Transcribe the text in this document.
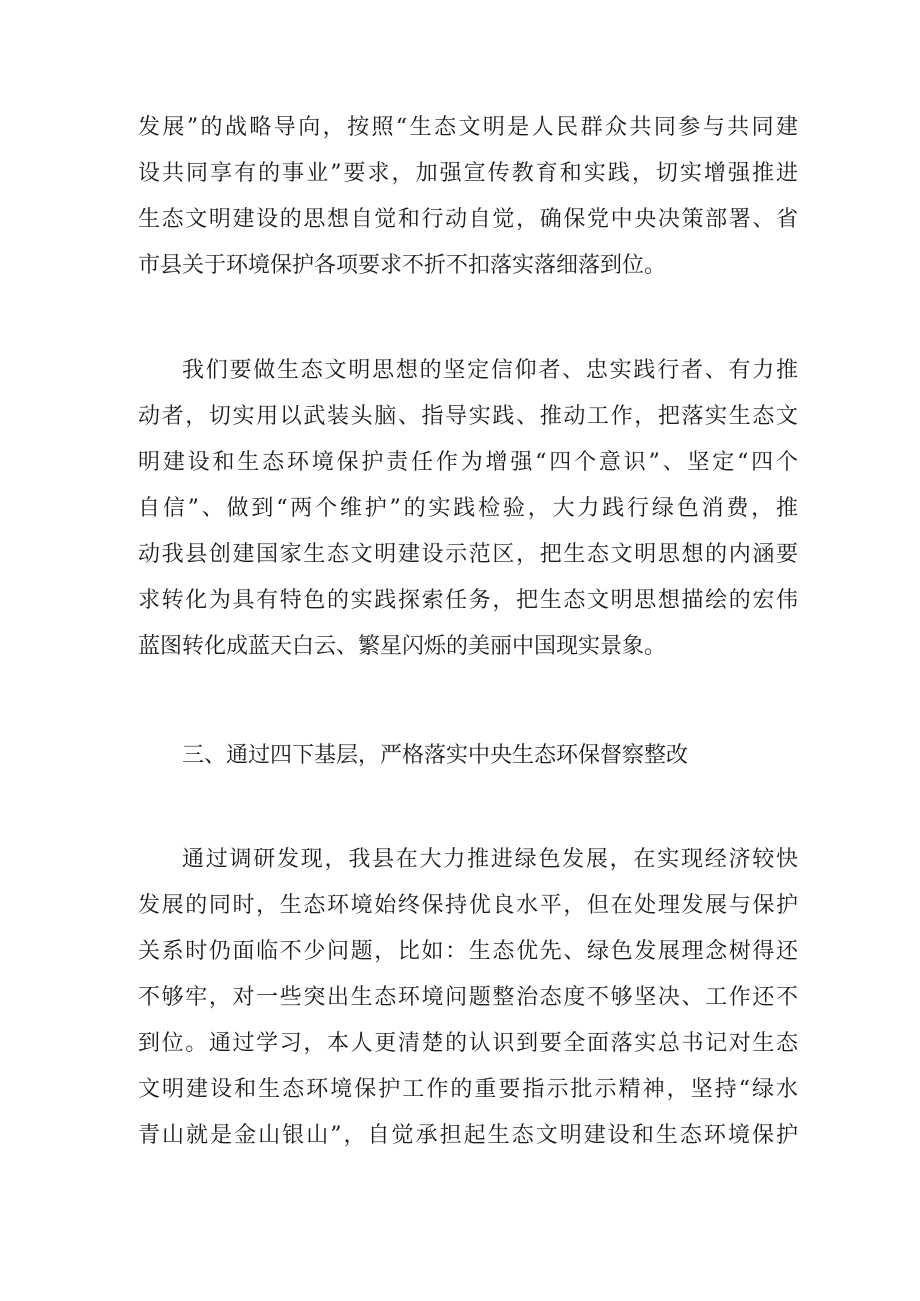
发展”的战略导向，按照“生态文明是人民群众共同参与共同建
设共同享有的事业”要求，加强宣传教育和实践，切实增强推进
生态文明建设的思想自觉和行动自觉，确保党中央决策部署、省
市县关于环境保护各项要求不折不扣落实落细落到位。

我们要做生态文明思想的坚定信仰者、忠实践行者、有力推
动者，切实用以武装头脑、指导实践、推动工作，把落实生态文
明建设和生态环境保护责任作为增强“四个意识”、坚定“四个
自信”、做到“两个维护”的实践检验，大力践行绿色消费，推
动我县创建国家生态文明建设示范区，把生态文明思想的内涵要
求转化为具有特色的实践探索任务，把生态文明思想描绘的宏伟
蓝图转化成蓝天白云、繁星闪烁的美丽中国现实景象。

三、通过四下基层，严格落实中央生态环保督察整改

通过调研发现，我县在大力推进绿色发展，在实现经济较快
发展的同时，生态环境始终保持优良水平，但在处理发展与保护
关系时仍面临不少问题，比如：生态优先、绿色发展理念树得还
不够牢，对一些突出生态环境问题整治态度不够坚决、工作还不
到位。通过学习，本人更清楚的认识到要全面落实总书记对生态
文明建设和生态环境保护工作的重要指示批示精神，坚持“绿水
青山就是金山银山”，自觉承担起生态文明建设和生态环境保护
